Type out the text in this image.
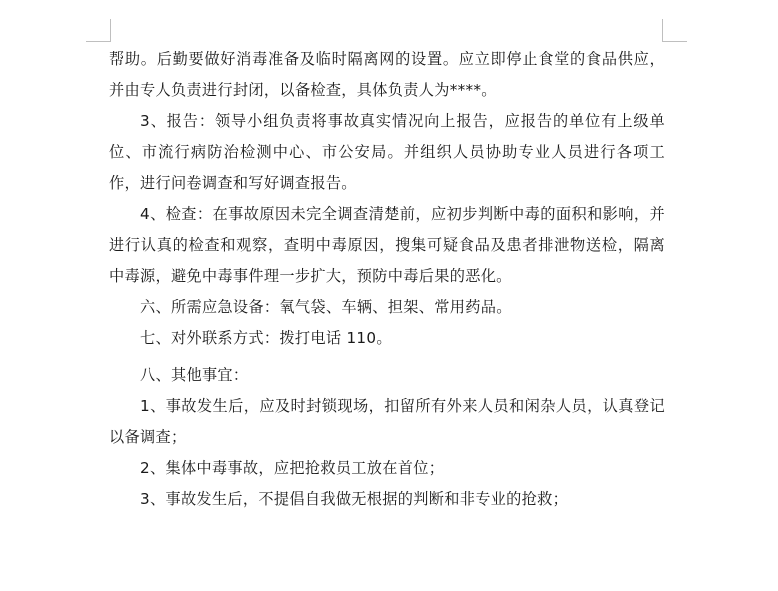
帮助。后勤要做好消毒准备及临时隔离网的设置。应立即停止食堂的食品供应，并由专人负责进行封闭，以备检查，具体负责人为****。

3、报告：领导小组负责将事故真实情况向上报告，应报告的单位有上级单位、市流行病防治检测中心、市公安局。并组织人员协助专业人员进行各项工作，进行问卷调查和写好调查报告。

4、检查：在事故原因未完全调查清楚前，应初步判断中毒的面积和影响，并进行认真的检查和观察，查明中毒原因，搜集可疑食品及患者排泄物送检，隔离中毒源，避免中毒事件理一步扩大，预防中毒后果的恶化。

六、所需应急设备：氧气袋、车辆、担架、常用药品。

七、对外联系方式：拨打电话 110。

八、其他事宜：

1、事故发生后，应及时封锁现场，扣留所有外来人员和闲杂人员，认真登记以备调查；

2、集体中毒事故，应把抢救员工放在首位；

3、事故发生后，不提倡自我做无根据的判断和非专业的抢救；
